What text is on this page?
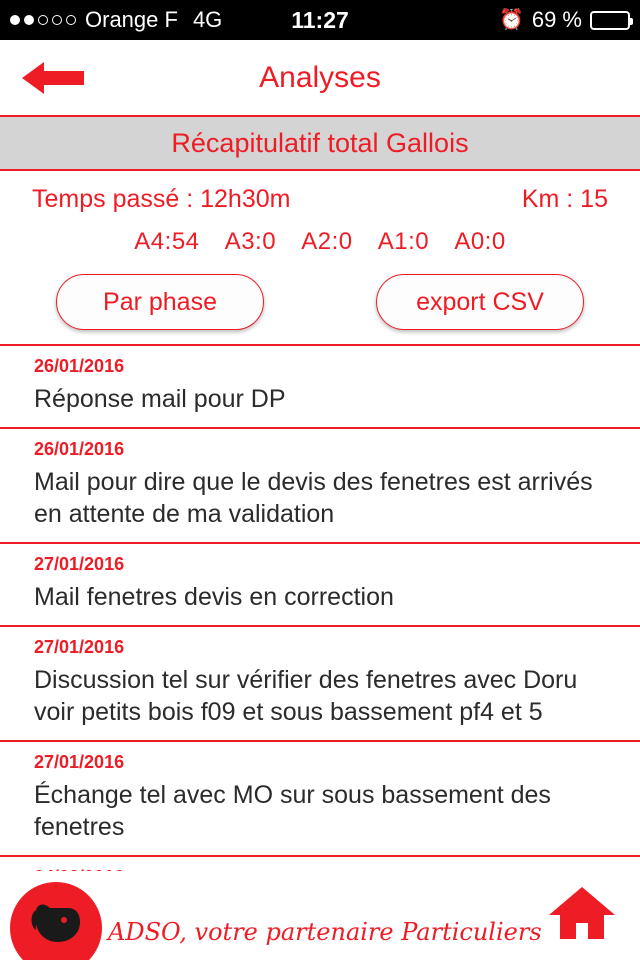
Orange F 4G	11:27	⏰ 69 %
Analyses
Récapitulatif total Gallois
Temps passé : 12h30m	Km : 15
A4:54 A3:0 A2:0 A1:0 A0:0
Par phase	export CSV
26/01/2016
Réponse mail pour DP
26/01/2016
Mail pour dire que le devis des fenetres est arrivés en attente de ma validation
27/01/2016
Mail fenetres devis en correction
27/01/2016
Discussion tel sur vérifier des fenetres avec Doru voir petits bois f09 et sous bassement pf4 et 5
27/01/2016
Échange tel avec MO sur sous bassement des fenetres
ADSO, votre partenaire Particuliers
